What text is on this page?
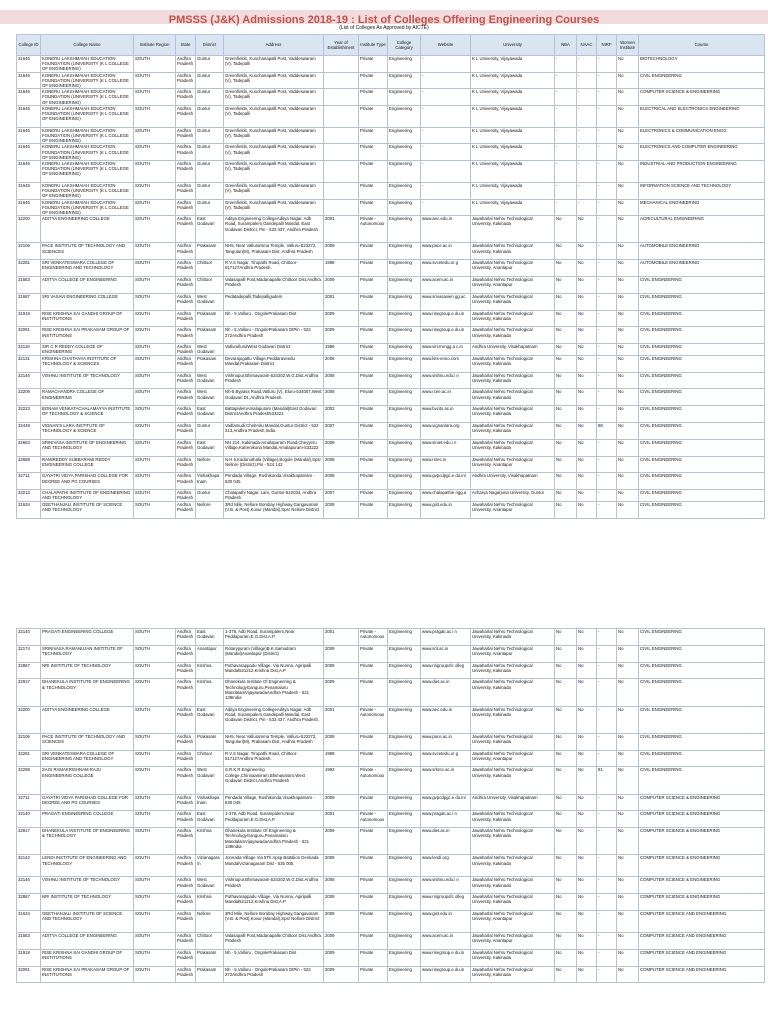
PMSSS (J&K) Admissions 2018-19 : List of Colleges Offering Engineering Courses
(List of Colleges As Approved by AICTE)
College ID	College Name	Institute Region	State	District	Address	Year of Establishment	Institute Type	College Category	Website	University	NBA	NAAC	NIRF	Women Institute	Course
31645	KONERU LAKSHMAIAH EDUCATION FOUNDATION (UNIVERSITY (K L COLLEGE OF ENGINEERING)	SOUTH	Andhra Pradesh	Guntur	Greenfields, Kunchanapalli Post, Vaddeswaram (V), Tadepalli		Private	Engineering	-	K L University, Vijayawada	-	-	-	No	BIOTECHNOLOGY
31645	KONERU LAKSHMAIAH EDUCATION FOUNDATION (UNIVERSITY (K L COLLEGE OF ENGINEERING)	SOUTH	Andhra Pradesh	Guntur	Greenfields, Kunchanapalli Post, Vaddeswaram (V), Tadepalli		Private	Engineering	-	K L University, Vijayawada	-	-	-	No	CIVIL ENGINEERING
31645	KONERU LAKSHMAIAH EDUCATION FOUNDATION (UNIVERSITY (K L COLLEGE OF ENGINEERING)	SOUTH	Andhra Pradesh	Guntur	Greenfields, Kunchanapalli Post, Vaddeswaram (V), Tadepalli		Private	Engineering	-	K L University, Vijayawada	-	-	-	No	COMPUTER SCIENCE & ENGINEERING
31645	KONERU LAKSHMAIAH EDUCATION FOUNDATION (UNIVERSITY (K L COLLEGE OF ENGINEERING)	SOUTH	Andhra Pradesh	Guntur	Greenfields, Kunchanapalli Post, Vaddeswaram (V), Tadepalli		Private	Engineering	-	K L University, Vijayawada	-	-	-	No	ELECTRICAL AND ELECTRONICS ENGINEERING
31645	KONERU LAKSHMAIAH EDUCATION FOUNDATION (UNIVERSITY (K L COLLEGE OF ENGINEERING)	SOUTH	Andhra Pradesh	Guntur	Greenfields, Kunchanapalli Post, Vaddeswaram (V), Tadepalli		Private	Engineering	-	K L University, Vijayawada	-	-	-	No	ELECTRONICS & COMMUNICATION ENGG
31645	KONERU LAKSHMAIAH EDUCATION FOUNDATION (UNIVERSITY (K L COLLEGE OF ENGINEERING)	SOUTH	Andhra Pradesh	Guntur	Greenfields, Kunchanapalli Post, Vaddeswaram (V), Tadepalli		Private	Engineering	-	K L University, Vijayawada	-	-	-	No	ELECTRONICS AND COMPUTER ENGINEERING
31645	KONERU LAKSHMAIAH EDUCATION FOUNDATION (UNIVERSITY (K L COLLEGE OF ENGINEERING)	SOUTH	Andhra Pradesh	Guntur	Greenfields, Kunchanapalli Post, Vaddeswaram (V), Tadepalli		Private	Engineering	-	K L University, Vijayawada	-	-	-	No	INDUSTRIAL AND PRODUCTION ENGINEERING
31645	KONERU LAKSHMAIAH EDUCATION FOUNDATION (UNIVERSITY (K L COLLEGE OF ENGINEERING)	SOUTH	Andhra Pradesh	Guntur	Greenfields, Kunchanapalli Post, Vaddeswaram (V), Tadepalli		Private	Engineering	-	K L University, Vijayawada	-	-	-	No	INFORMATION SCIENCE AND TECHNOLOGY
31645	KONERU LAKSHMAIAH EDUCATION FOUNDATION (UNIVERSITY (K L COLLEGE OF ENGINEERING)	SOUTH	Andhra Pradesh	Guntur	Greenfields, Kunchanapalli Post, Vaddeswaram (V), Tadepalli		Private	Engineering	-	K L University, Vijayawada	-	-	-	No	MECHANICAL ENGINEERING
32200	ADITYA ENGINEERING COLLEGE	SOUTH	Andhra Pradesh	East Godavari	Aditya Engineering CollegeAditya Nagar, Adb Road, Surampalem,Gandepalli Mandal, East Godavari District, Pin - 533 437, Andhra Pradesh.	2001	Private - Autonomous	Engineering	www.aec.edu.in	Jawaharlal Nehru Technological University, Kakinada	No	No	-	No	AGRICULTURAL ENGINEERING
32106	PACE INSTITUTE OF TECHNOLOGY AND SCIENCES	SOUTH	Andhra Pradesh	Prakasam	NH5, Near Valluramma Temple, Valluru-523272, Tanguturi(M), Prakasam Dist, Andhra Pradesh	2008	Private	Engineering	www.pace.ac.in	Jawaharlal Nehru Technological University, Kakinada	No	No	-	No	AUTOMOBILE ENGINEERING
32281	SRI VENKATESWARA COLLEGE OF ENGINEERING AND TECHNOLOGY	SOUTH	Andhra Pradesh	Chittoor	R.V.S Nagar, Tirupathi Road, Chittoor-517127Andhra Pradesh.	1998	Private	Engineering	www.svcetedu.or g	Jawaharlal Nehru Technological University, Anantapur	No	No	-	No	AUTOMOBILE ENGINEERING
31663	ADITYA COLLEGE OF ENGINEERING	SOUTH	Andhra Pradesh	Chittoor	Valasapalli Post,Madanapalle,Chittoor Dist,Andhra Pradesh	2009	Private	Engineering	www.acem.ac.in	Jawaharlal Nehru Technological University, Anantapur	No	No	-	No	CIVIL ENGINEERING
31687	SRI VASAVI ENGINEERING COLLEGE	SOUTH	Andhra Pradesh	West Godavari	Pedatadepalli,Tadepalligudem	2001	Private	Engineering	www.srivasavien gg.ac	Jawaharlal Nehru Technological University, Kakinada	No	No	-	No	CIVIL ENGINEERING
31918	RISE KRISHNA SAI GANDHI GROUP OF INSTITUTIONS	SOUTH	Andhra Pradesh	Prakasam	Nh - 5,Valluru , OngolePrakasam Dist	2009	Private	Engineering	www.risegroup.e du.in	Jawaharlal Nehru Technological University, Kakinada	No	No	-	No	CIVIL ENGINEERING
32091	RISE KRISHNA SAI PRAKASAM GROUP OF INSTITUTIONS	SOUTH	Andhra Pradesh	Prakasam	Nh - 5,Valluru - OngolePrakasam DtPin - 523 272Andhra Pradesh	2009	Private	Engineering	www.risegroup.e du.in	Jawaharlal Nehru Technological University, Kakinada	No	No	-	No	CIVIL ENGINEERING
32119	SIR C R REDDY COLLEGE OF ENGINEERING	SOUTH	Andhra Pradesh	West Godavari	VatlurullurulWest Godavari District	1989	Private	Engineering	www.sircrrengg.a c.in	Andhra University, Visakhapatnam	No	No	-	No	CIVIL ENGINEERING
32131	KRISHNA CHAITANYA INSTITUTE OF TECHNOLOGY & SCIENCES	SOUTH	Andhra Pradesh	Prakasam	Devarajugattu Village,Peddaraveedu Mandal,Prakasam District	2008	Private	Engineering	www.kits-enno.com	Jawaharlal Nehru Technological University, Kakinada	No	No	-	No	CIVIL ENGINEERING
32146	VISHNU INSTITUTE OF TECHNOLOGY	SOUTH	Andhra Pradesh	West Godavari	Vishnupur,Bhimavaram-534202.W.G.Dist.Andhra Pradesh	2008	Private	Engineering	www.vishnu.edu.i n	Jawaharlal Nehru Technological University, Kakinada	No	No	-	No	CIVIL ENGINEERING
32209	RAMACHANDRA COLLEGE OF ENGINEERING	SOUTH	Andhra Pradesh	West Godavari	Nh-5 Bypass Road,Vatluru (V), Eluru-534007,West Godavari Dt.,Andhra Pradesh.	2008	Private	Engineering	www.rcee.ac.in	Jawaharlal Nehru Technological University, Kakinada	No	No	-	No	CIVIL ENGINEERING
32223	BONAM VENKATACHALAMAYYA INSTITUTE OF TECHNOLOGY & SCIENCE	SOUTH	Andhra Pradesh	East Godavari	BattapalemAmalapuram (Mandal)East Godavari DistrictAndhra Pradesh533221	2002	Private	Engineering	www.bvcits.ac.in	Jawaharlal Nehru Technological University, Kakinada	No	No	-	No	CIVIL ENGINEERING
32449	VIGNAN'S LARA INSTITUTE OF TECHNOLOGY & SCIENCE	SOUTH	Andhra Pradesh	Guntur	Vadlamudi,Chebrolu Mandal,Guntur District - 522 213,Andhra Pradesh,India.	2007	Private	Engineering	www.vignanlara.org	Jawaharlal Nehru Technological University, Kakinada	No	No	88	No	CIVIL ENGINEERING
32663	SRINIVASA INSTITUTE OF ENGINEERING AND TECHNOLOGY	SOUTH	Andhra Pradesh	East Godavari	NH 214, Kakinada-Amalapuram Road,Cheyyeru Village,Katrenikona Mandal,Amalapuram-533222	2008	Private	Engineering	www.siniet.edu.i n	Jawaharlal Nehru Technological University, Kakinada	No	No	-	No	CIVIL ENGINEERING
32688	RAMIREDDY SUBBARAMI REDDY ENGINEERING COLLEGE	SOUTH	Andhra Pradesh	Nellore	N.H.5,Kadanuthala (Village),Bogole (Mandal),Spsr Nellore (District),Pin - 524 142	2008	Private	Engineering	www.rsrec.in	Jawaharlal Nehru Technological University, Anantapur	No	No	-	No	CIVIL ENGINEERING
32711	GAYATRI VIDYA PARISHAD COLLEGE FOR DEGREE AND PG COURSES	SOUTH	Andhra Pradesh	Vishakhapa tnam	Pendada Village, Rushikonda,Visakhapatnam - 530 045	2008	Private	Engineering	www.gvpcdpgc.e du.in/	Andhra University, Visakhapatnam	No	No	-	No	CIVIL ENGINEERING
33213	CHALAPATHI INSTITUTE OF ENGINEERING AND TECHNOLOGY	SOUTH	Andhra Pradesh	Guntur	Chalapathi Nagar, Lam, Guntur-522034, Andhra Pradesh	2007	Private	Engineering	www.chalapathie ngg.a	Acharya Nagarjuna University, Guntur	No	No	-	No	CIVIL ENGINEERING
31634	GEETHANJALI INSTITUTE OF SCIENCE AND TECHNOLOGY	SOUTH	Andhra Pradesh	Nellore	3Rd Mile, Nellore Bombay Highway,Gangavaram (V.B. & Post),Kovur (Mandal),Spsr Nellore District	2008	Private	Engineering	www.gist.edu.in	Jawaharlal Nehru Technological University, Anantapur	No	No	-	No	CIVIL ENGINEERING
32140	PRAGATI ENGINEERING COLLEGE	SOUTH	Andhra Pradesh	East Godavari	1-378, Adb Road, Surampalem,Near Peddapuram,E.G.Dist,A.P.	2001	Private - Autonomous	Engineering	www.pragati.ac.i n	Jawaharlal Nehru Technological University, Kakinada	No	No	-	No	CIVIL ENGINEERING
32174	SRINIVASA RAMANUJAN INSTITUTE OF TECHNOLOGY	SOUTH	Andhra Pradesh	Anantapur	Rotarypuram (Village)B.K.Samudram (Mandal)Anantapur (District)	2008	Private	Engineering	www.srit.ac.in	Jawaharlal Nehru Technological University, Anantapur	No	No	-	No	CIVIL ENGINEERING
32867	NRI INSTITUTE OF TECHNOLOGY	SOUTH	Andhra Pradesh	Krishna	Pothavarappadu Village, Via Nunna, Agiripalli Mandal521212,Krishna Dist,A.P	2008	Private	Engineering	www.nrigroupofc olleg	Jawaharlal Nehru Technological University, Kakinada	No	No	-	No	CIVIL ENGINEERING
32917	DHANEKULA INSTITUTE OF ENGINEERING & TECHNOLOGY	SOUTH	Andhra Pradesh	Krishna	Dhanekula Institute Of Engineering & TechnologyGanguru,Penamaluru MandalamVijayawadaAndhra Pradesh - 521 139India	2009	Private	Engineering	www.diet.ac.in	Jawaharlal Nehru Technological University, Kakinada	No	No	-	No	CIVIL ENGINEERING
32200	ADITYA ENGINEERING COLLEGE	SOUTH	Andhra Pradesh	East Godavari	Aditya Engineering CollegeAditya Nagar, Adb Road, Surampalem,Gandepalli Mandal, East Godavari District, Pin - 533 437, Andhra Pradesh.	2001	Private - Autonomous	Engineering	www.aec.edu.in	Jawaharlal Nehru Technological University, Kakinada	No	No	-	No	CIVIL ENGINEERING
32106	PACE INSTITUTE OF TECHNOLOGY AND SCIENCES	SOUTH	Andhra Pradesh	Prakasam	NH5, Near Valluramma Temple, Valluru-523272, Tanguturi(M), Prakasam Dist, Andhra Pradesh	2008	Private	Engineering	www.pace.ac.in	Jawaharlal Nehru Technological University, Kakinada	No	No	-	No	CIVIL ENGINEERING
32281	SRI VENKATESWARA COLLEGE OF ENGINEERING AND TECHNOLOGY	SOUTH	Andhra Pradesh	Chittoor	R.V.S Nagar, Tirupathi Road, Chittoor-517127Andhra Pradesh.	1998	Private	Engineering	www.svcetedu.or g	Jawaharlal Nehru Technological University, Anantapur	No	No	-	No	CIVIL ENGINEERING
32298	SAGI RAMAKRISHNAM RAJU ENGINEERING COLLEGE	SOUTH	Andhra Pradesh	West Godavari	S.R.K.R.Engineering College,Chinnaamiram,Bhimavaram,West Godavari District,Andhra Pradesh	1992	Private - Autonomous	Engineering	www.srkrec.ac.in	Jawaharlal Nehru Technological University, Kakinada	No	No	81	No	CIVIL ENGINEERING
32711	GAYATRI VIDYA PARISHAD COLLEGE FOR DEGREE AND PG COURSES	SOUTH	Andhra Pradesh	Vishakhapa tnam	Pendada Village, Rushikonda,Visakhapatnam - 530 045	2008	Private	Engineering	www.gvpcdpgc.e du.in/	Andhra University, Visakhapatnam	No	No	-	No	COMPUTER SCIENCE & ENGINEERING
32140	PRAGATI ENGINEERING COLLEGE	SOUTH	Andhra Pradesh	East Godavari	1-378, Adb Road, Surampalem,Near Peddapuram,E.G.Dist,A.P.	2001	Private - Autonomous	Engineering	www.pragati.ac.i n	Jawaharlal Nehru Technological University, Kakinada	No	No	-	No	COMPUTER SCIENCE & ENGINEERING
32917	DHANEKULA INSTITUTE OF ENGINEERING & TECHNOLOGY	SOUTH	Andhra Pradesh	Krishna	Dhanekula Institute Of Engineering & TechnologyGanguru,Penamaluru MandalamVijayawadaAndhra Pradesh - 521 139India	2009	Private	Engineering	www.diet.ac.in	Jawaharlal Nehru Technological University, Kakinada	No	No	-	No	COMPUTER SCIENCE & ENGINEERING
32142	LENDI INSTITUTE OF ENGINEERING AND TECHNOLOGY	SOUTH	Andhra Pradesh	Vizianagara m	Jonnada Village Via 5Th Apsp Battalion Denkada MandalVizianagaram Dist - 535 005	2008	Private	Engineering	www.lendi.org	Jawaharlal Nehru Technological University, Kakinada	No	No	-	No	COMPUTER SCIENCE & ENGINEERING
32146	VISHNU INSTITUTE OF TECHNOLOGY	SOUTH	Andhra Pradesh	West Godavari	Vishnupur,Bhimavaram-534202.W.G.Dist.Andhra Pradesh	2008	Private	Engineering	www.vishnu.edu.i n	Jawaharlal Nehru Technological University, Kakinada	No	No	-	No	COMPUTER SCIENCE & ENGINEERING
32867	NRI INSTITUTE OF TECHNOLOGY	SOUTH	Andhra Pradesh	Krishna	Pothavarappadu Village, Via Nunna, Agiripalli Mandal521212,Krishna Dist,A.P	2008	Private	Engineering	www.nrigroupofc olleg	Jawaharlal Nehru Technological University, Kakinada	No	No	-	No	COMPUTER SCIENCE & ENGINEERING
31634	GEETHANJALI INSTITUTE OF SCIENCE AND TECHNOLOGY	SOUTH	Andhra Pradesh	Nellore	3Rd Mile, Nellore Bombay Highway,Gangavaram (V.B. & Post),Kovur (Mandal),Spsr Nellore District	2008	Private	Engineering	www.gist.edu.in	Jawaharlal Nehru Technological University, Anantapur	No	No	-	No	COMPUTER SCIENCE AND ENGINEERING
31663	ADITYA COLLEGE OF ENGINEERING	SOUTH	Andhra Pradesh	Chittoor	Valasapalli Post,Madanapalle,Chittoor Dist,Andhra Pradesh	2009	Private	Engineering	www.acem.ac.in	Jawaharlal Nehru Technological University, Anantapur	No	No	-	No	COMPUTER SCIENCE AND ENGINEERING
31918	RISE KRISHNA SAI GANDHI GROUP OF INSTITUTIONS	SOUTH	Andhra Pradesh	Prakasam	Nh - 5,Valluru , OngolePrakasam Dist	2009	Private	Engineering	www.risegroup.e du.in	Jawaharlal Nehru Technological University, Kakinada	No	No	-	No	COMPUTER SCIENCE AND ENGINEERING
32091	RISE KRISHNA SAI PRAKASAM GROUP OF INSTITUTIONS	SOUTH	Andhra Pradesh	Prakasam	Nh - 5,Valluru - OngolePrakasam DtPin - 523 272Andhra Pradesh	2009	Private	Engineering	www.risegroup.e du.in	Jawaharlal Nehru Technological University, Kakinada	No	No	-	No	COMPUTER SCIENCE AND ENGINEERING
